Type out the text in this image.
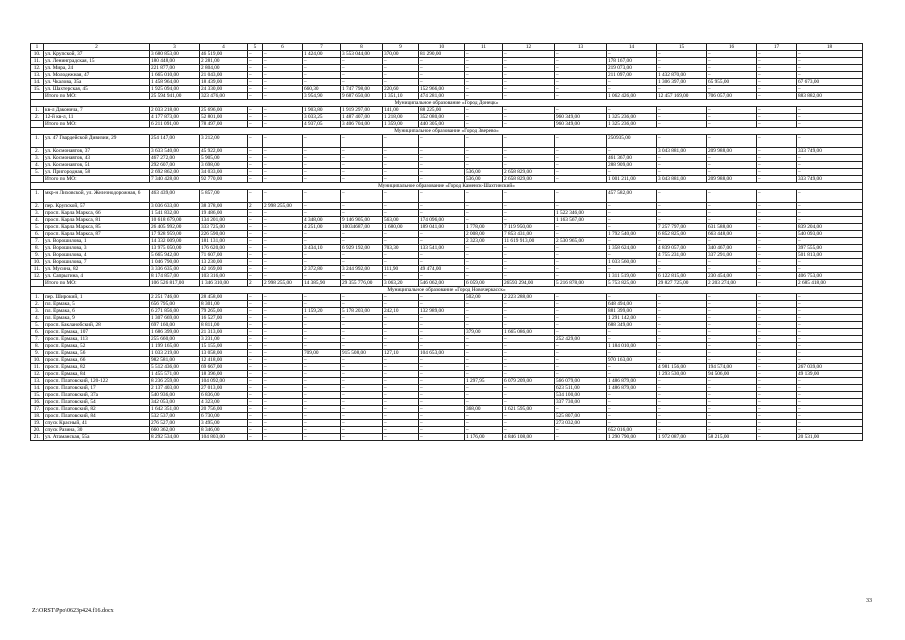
1	2	3	4	5	6	7	8	9	10	11	12	13	14	15	16	17	18
10.	ул. Крупской, 37	3 680 853,00	46 519,00	–	–	1 424,00	3 553 044,00	370,00	81 290,00	–	–	–	–	–	–	–	–
11.	ул. Ленинградская, 15	180 448,00	2 281,00	–	–	–	–	–	–	–	–	–	178 167,00	–	–	–	–
12.	ул. Мира, 24	221 877,00	2 804,00	–	–	–	–	–	–	–	–	–	219 073,00	–	–	–	–
13.	ул. Молодежная, 47	1 665 010,00	21 043,00	–	–	–	–	–	–	–	–	–	211 097,00	1 432 870,00	–	–	–
14.	ул. Чкалова, 35а	1 458 964,00	18 439,00	–	–	–	–	–	–	–	–	–	–	1 306 397,00	65 955,00	–	67 673,00
15.	ул. Шахтерская, 45	1 925 094,00	24 330,00	–	–	660,30	1 747 798,00	220,60	152 966,00	–	–	–	–	–	–	–	–
	Итого по МО:	25 594 941,00	323 476,00	–	–	3 954,90	9 687 650,00	1 351,10	474 281,00	–	–	–	1 062 426,00	12 457 169,00	706 057,00	–	883 882,00
Муниципальное образование «Город Донецк»																	
1.	кв-л Даконича, 7	2 033 218,00	25 696,00	–	–	1 903,80	1 919 297,00	141,00	88 225,00	–	–	–	–	–	–	–	–
2.	12-й кв-л, 11	4 177 873,00	52 801,00	–	–	3 033,25	1 487 407,00	1 218,00	352 080,00	–	–	960 349,00	1 325 236,00	–	–	–	–
	Итого по МО:	6 211 091,00	78 497,00	–	–	4 937,05	3 406 704,00	1 359,00	440 305,00	–	–	960 349,00	1 325 236,00	–	–	–	–
Муниципальное образование «Город Зверево»																	
1.	ул. 47 Гвардейской Дивизии, 29	254 147,00	3 212,00	–	–	–	–	–	–	–	–	–	250935,00	–	–	–	–
2.	ул. Космонавтов, 37	3 633 540,00	45 922,00	–	–	–	–	–	–	–	–	–	–	3 043 881,00	209 988,00	–	333 749,00
3.	ул. Космонавтов, 43	467 272,00	5 905,00	–	–	–	–	–	–	–	–	–	461 367,00	–	–	–	–
4.	ул. Космонавтов, 51	292 607,00	3 698,00	–	–	–	–	–	–	–	–	–	288 909,00	–	–	–	–
5.	ул. Пригородная, 58	2 692 862,00	34 033,00	–	–	–	–	–	–	536,00	2 658 829,00	–	–	–	–	–	–
	Итого по МО:	7 340 428,00	92 770,00	–	–	–	–	–	–	536,00	2 658 829,00	–	1 001 211,00	3 043 881,00	209 988,00	–	333 749,00
Муниципальное образование «Город Каменск-Шахтинский»																	
1.	мкр-н Лиховской, ул. Железнодорожная, 6	463 439,00	5 857,00	–	–	–	–	–	–	–	–	–	457 582,00	–	–	–	–
2.	пер. Крупской, 57	3 036 633,00	38 378,00	2	2 998 255,00	–	–	–	–	–	–	–	–	–	–	–	–
3.	просп. Карла Маркса, 66	1 541 832,00	19 486,00	–	–	–	–	–	–	–	–	1 522 346,00	–	–	–	–	–
4.	просп. Карла Маркса, 81	10 618 679,00	134 201,00	–	–	4 348,00	9 146 905,00	563,00	174 096,00	–	–	1 163 567,00	–	–	–	–	–
5.	просп. Карла Маркса, 85	26 405 992,00	333 725,00	–	–	4 251,00	10034687,00	1 680,00	189 041,00	1 778,00	7 119 950,00	–	–	7 257 797,00	631 588,00	–	839 204,00
6.	просп. Карла Маркса, 87	17 928 959,00	226 590,00	–	–	–	–	–	–	2 008,00	7 853 431,00	–	1 792 540,00	6 852 825,00	663 448,00	–	540 093,00
7.	ул. Ворошилова, 1	14 332 009,00	181 131,00	–	–	–	–	–	–	2 323,00	11 619 913,00	2 530 965,00	–	–	–	–	–
8.	ул. Ворошилова, 3	13 975 050,00	176 620,00	–	–	3 434,10	6 929 192,00	703,30	133 541,00	–	–	–	1 358 624,00	4 839 057,00	340 467,00	–	397 555,00
9.	ул. Ворошилова, 4	5 665 942,00	71 607,00	–	–	–	–	–	–	–	–	–	–	4 755 231,00	337 291,00	–	501 813,00
10.	ул. Ворошилова, 7	1 046 790,00	13 230,00	–	–	–	–	–	–	–	–	–	1 033 560,00	–	–	–	–
11.	ул. Мусина, 82	3 336 635,00	42 169,00	–	–	2 372,80	3 244 992,00	111,90	49 474,00	–	–	–	–	–	–	–	–
12.	ул. Сапрыгина, 4	8 174 857,00	103 316,00	–	–	–	–	–	–	–	–	–	1 311 519,00	6 122 815,00	230 454,00	–	406 753,00
	Итого по МО:	106 526 817,00	1 346 310,00	2	2 998 255,00	14 385,90	29 355 776,00	3 063,20	546 062,00	6 059,00	26593 294,00	5 216 878,00	5 753 825,00	29 827 725,00	2 203 274,00	–	2 685 418,00
Муниципальное образование «Город Новочеркасск»																	
1.	пер. Широкий, 1	2 251 746,00	28 458,00	–	–	–	–	–	–	502,00	2 223 288,00	–	–	–	–	–	–
2.	пл. Ермака, 5	656 795,00	8 301,00	–	–	–	–	–	–	–	–	–	648 494,00	–	–	–	–
3.	пл. Ермака, 6	6 271 856,00	79 265,00	–	–	1 159,20	5 178 203,00	242,10	132 989,00	–	–	–	881 399,00	–	–	–	–
4.	пл. Ермака, 9	1 307 669,00	16 527,00	–	–	–	–	–	–	–	–	–	1 291 142,00	–	–	–	–
5.	просп. Бакланобский, 28	697 160,00	8 811,00	–	–	–	–	–	–	–	–	–	688 349,00	–	–	–	–
6.	просп. Ермака, 107	1 686 399,00	21 313,00	–	–	–	–	–	–	379,00	1 665 086,00	–	–	–	–	–	–
7.	просп. Ермака, 113	255 660,00	3 231,00	–	–	–	–	–	–	–	–	252 429,00	–	–	–	–	–
8.	просп. Ермака, 52	1 199 165,00	15 155,00	–	–	–	–	–	–	–	–	–	1 184 010,00	–	–	–	–
9.	просп. Ермака, 56	1 033 219,00	13 058,00	–	–	709,00	915 508,00	127,10	104 653,00	–	–	–	–	–	–	–	–
10.	просп. Ермака, 66	982 581,00	12 418,00	–	–	–	–	–	–	–	–	–	970 163,00	–	–	–	–
11.	просп. Ермака, 82	5 512 436,00	69 667,00	–	–	–	–	–	–	–	–	–	–	4 981 156,00	194 574,00	–	267 039,00
12.	просп. Ермака, 84	1 455 571,00	18 396,00	–	–	–	–	–	–	–	–	–	–	1 293 530,00	94 506,00	–	49 139,00
13.	просп. Платовский, 120-122	8 236 259,00	104 092,00	–	–	–	–	–	–	1 297,95	6 079 209,00	566 079,00	1 486 879,00	–	–	–	–
14.	просп. Платовский, 17	2 137 403,00	27 013,00	–	–	–	–	–	–	–	–	623 511,00	1 486 879,00	–	–	–	–
15.	просп. Платовский, 37а	540 936,00	6 836,00	–	–	–	–	–	–	–	–	534 100,00	–	–	–	–	–
16.	просп. Платовский, 54	342 053,00	4 323,00	–	–	–	–	–	–	–	–	337 730,00	–	–	–	–	–
17.	просп. Платовский, 82	1 642 351,00	20 756,00	–	–	–	–	–	–	368,00	1 621 595,00	–	–	–	–	–	–
18.	просп. Платовский, 84	532 537,00	6 730,00	–	–	–	–	–	–	–	–	525 807,00	–	–	–	–	–
19.	спуск Красный, 41	276 527,00	3 495,00	–	–	–	–	–	–	–	–	273 032,00	–	–	–	–	–
20.	спуск Разина, 30	660 362,00	8 346,00	–	–	–	–	–	–	–	–	–	652 016,00	–	–	–	–
21.	ул. Атаманская, 55а	8 292 534,00	104 803,00	–	–	–	–	–	–	1 176,00	4 846 108,00	–	1 290 790,00	1 972 087,00	58 215,00	–	20 531,00
33
Z:\ORST\Ppo\0623p424.f16.docx
